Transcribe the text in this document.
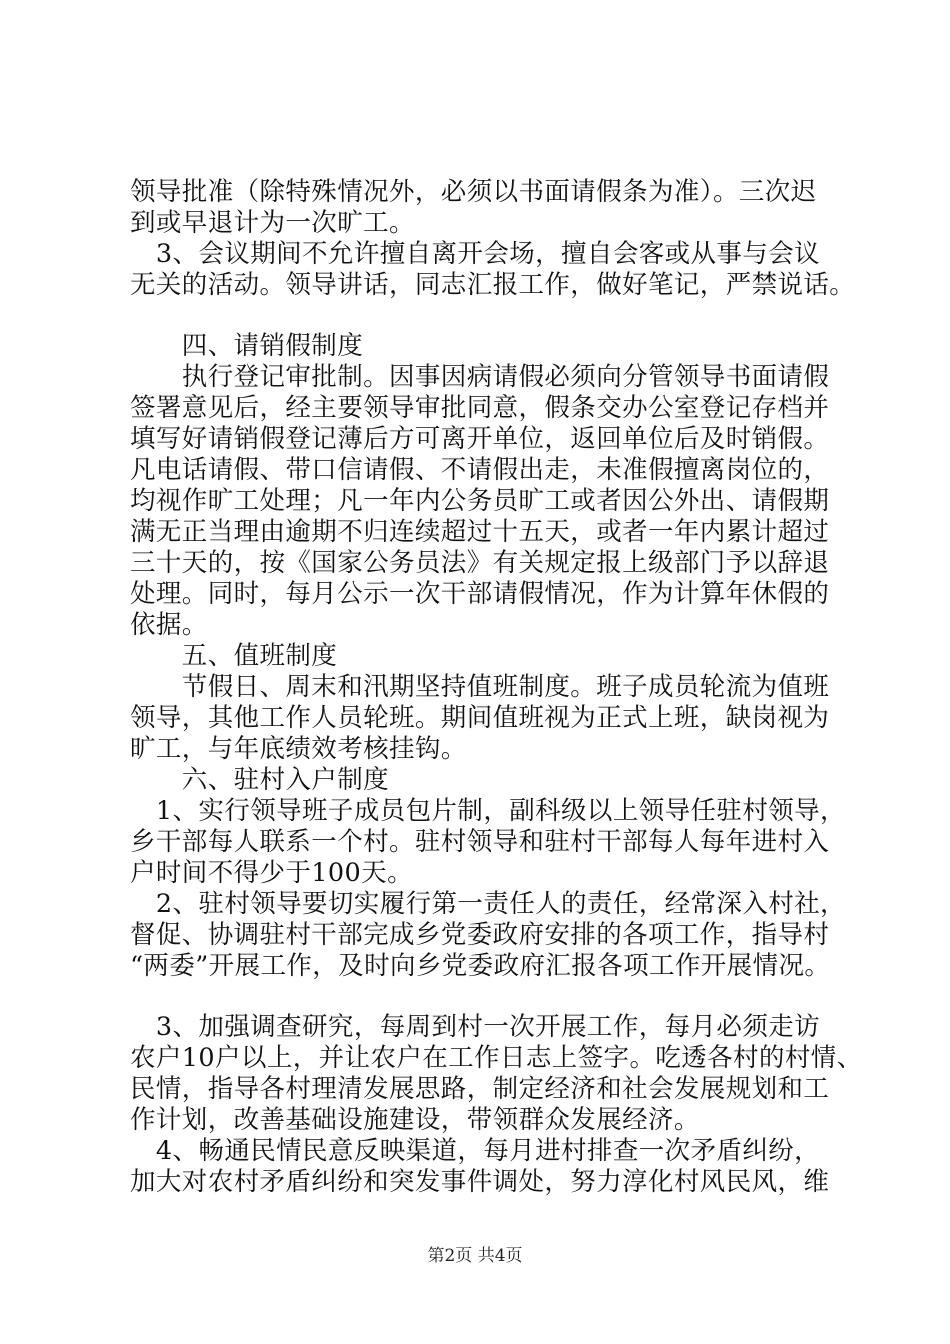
领导批准（除特殊情况外，必须以书面请假条为准）。三次迟
到或早退计为一次旷工。
　3、会议期间不允许擅自离开会场，擅自会客或从事与会议
无关的活动。领导讲话，同志汇报工作，做好笔记，严禁说话。
　　四、请销假制度
　　执行登记审批制。因事因病请假必须向分管领导书面请假
签署意见后，经主要领导审批同意，假条交办公室登记存档并
填写好请销假登记薄后方可离开单位，返回单位后及时销假。
凡电话请假、带口信请假、不请假出走，未准假擅离岗位的，
均视作旷工处理；凡一年内公务员旷工或者因公外出、请假期
满无正当理由逾期不归连续超过十五天，或者一年内累计超过
三十天的，按《国家公务员法》有关规定报上级部门予以辞退
处理。同时，每月公示一次干部请假情况，作为计算年休假的
依据。
　　五、值班制度
　　节假日、周末和汛期坚持值班制度。班子成员轮流为值班
领导，其他工作人员轮班。期间值班视为正式上班，缺岗视为
旷工，与年底绩效考核挂钩。
　　六、驻村入户制度
　1、实行领导班子成员包片制，副科级以上领导任驻村领导，
乡干部每人联系一个村。驻村领导和驻村干部每人每年进村入
户时间不得少于100天。
　2、驻村领导要切实履行第一责任人的责任，经常深入村社，
督促、协调驻村干部完成乡党委政府安排的各项工作，指导村
“两委”开展工作，及时向乡党委政府汇报各项工作开展情况。
　3、加强调查研究，每周到村一次开展工作，每月必须走访
农户10户以上，并让农户在工作日志上签字。吃透各村的村情、
民情，指导各村理清发展思路，制定经济和社会发展规划和工
作计划，改善基础设施建设，带领群众发展经济。
　4、畅通民情民意反映渠道，每月进村排查一次矛盾纠纷，
加大对农村矛盾纠纷和突发事件调处，努力淳化村风民风，维
第2页 共4页
